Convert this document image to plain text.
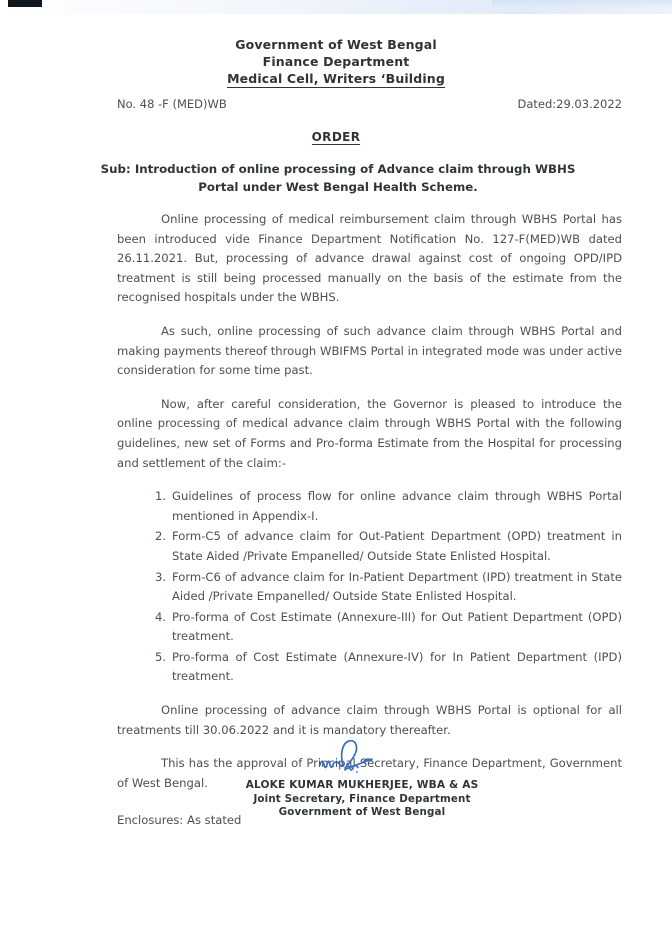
Government of West Bengal
Finance Department
Medical Cell, Writers ‘Building
No. 48 -F (MED)WB	Dated:29.03.2022
ORDER
Sub: Introduction of online processing of Advance claim through WBHS Portal under West Bengal Health Scheme.

Online processing of medical reimbursement claim through WBHS Portal has been introduced vide Finance Department Notification No. 127-F(MED)WB dated 26.11.2021. But, processing of advance drawal against cost of ongoing OPD/IPD treatment is still being processed manually on the basis of the estimate from the recognised hospitals under the WBHS.

As such, online processing of such advance claim through WBHS Portal and making payments thereof through WBIFMS Portal in integrated mode was under active consideration for some time past.

Now, after careful consideration, the Governor is pleased to introduce the online processing of medical advance claim through WBHS Portal with the following guidelines, new set of Forms and Pro-forma Estimate from the Hospital for processing and settlement of the claim:-

Guidelines of process flow for online advance claim through WBHS Portal mentioned in Appendix-I.
Form-C5 of advance claim for Out-Patient Department (OPD) treatment in State Aided /Private Empanelled/ Outside State Enlisted Hospital.
Form-C6 of advance claim for In-Patient Department (IPD) treatment in State Aided /Private Empanelled/ Outside State Enlisted Hospital.
Pro-forma of Cost Estimate (Annexure-III) for Out Patient Department (OPD) treatment.
Pro-forma of Cost Estimate (Annexure-IV) for In Patient Department (IPD) treatment.

Online processing of advance claim through WBHS Portal is optional for all treatments till 30.06.2022 and it is mandatory thereafter.

This has the approval of Principal Secretary, Finance Department, Government of West Bengal.

Enclosures: As stated

ALOKE KUMAR MUKHERJEE, WBA & AS
Joint Secretary, Finance Department
Government of West Bengal
